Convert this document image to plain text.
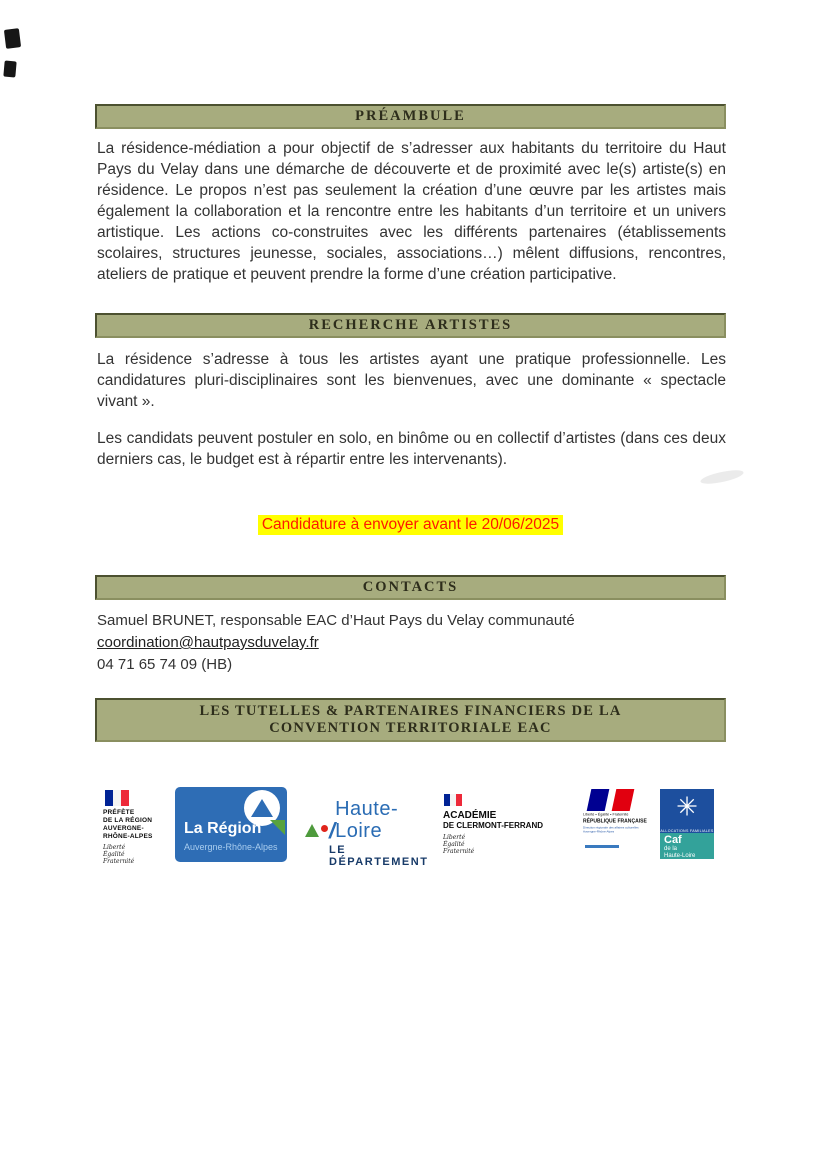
PRÉAMBULE
La résidence-médiation a pour objectif de s’adresser aux habitants du territoire du Haut Pays du Velay dans une démarche de découverte et de proximité avec le(s) artiste(s) en résidence. Le propos n’est pas seulement la création d’une œuvre par les artistes mais également la collaboration et la rencontre entre les habitants d’un territoire et un univers artistique. Les actions co-construites avec les différents partenaires (établissements scolaires, structures jeunesse, sociales, associations…) mêlent diffusions, rencontres, ateliers de pratique et peuvent prendre la forme d’une création participative.
RECHERCHE ARTISTES
La résidence s’adresse à tous les artistes ayant une pratique professionnelle. Les candidatures pluri-disciplinaires sont les bienvenues, avec une dominante « spectacle vivant ».
Les candidats peuvent postuler en solo, en binôme ou en collectif d’artistes (dans ces deux derniers cas, le budget est à répartir entre les intervenants).
Candidature à envoyer avant le 20/06/2025
CONTACTS
Samuel BRUNET, responsable EAC d’Haut Pays du Velay communauté
coordination@hautpaysduvelay.fr
04 71 65 74 09 (HB)
LES TUTELLES & PARTENAIRES FINANCIERS DE LA
CONVENTION TERRITORIALE EAC
PRÉFÈTE
DE LA RÉGION
AUVERGNE-
RHÔNE-ALPES
Liberté
Égalité
Fraternité
La Région
Auvergne-Rhône-Alpes
/
Haute-Loire
LE DÉPARTEMENT
ACADÉMIE
DE CLERMONT-FERRAND
Liberté
Égalité
Fraternité
Liberté • Égalité • Fraternité
RÉPUBLIQUE FRANÇAISE
Direction régionale des affaires culturelles
Auvergne-Rhône-Alpes
✳
ALLOCATIONS FAMILIALES
Caf
de la
Haute-Loire
